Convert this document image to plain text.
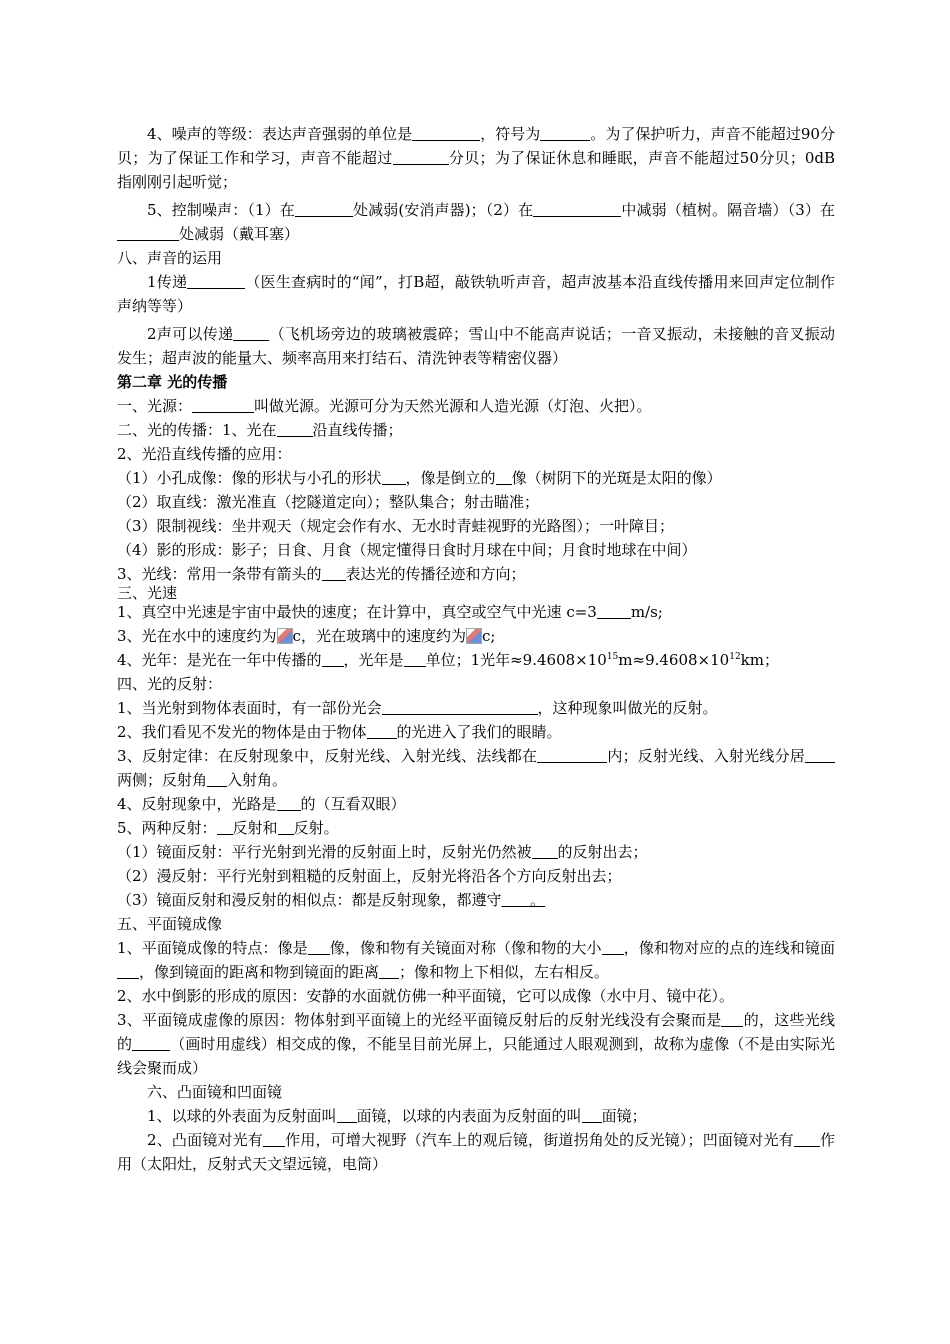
4、噪声的等级：表达声音强弱的单位是	，符号为	。为了保护听力，声音不能超过90分贝；为了保证工作和学习，声音不能超过	分贝；为了保证休息和睡眠，声音不能超过50分贝；0dB指刚刚引起听觉；

5、控制噪声：（1）在	处减弱(安消声器)；（2）在	中减弱（植树。隔音墙）（3）在处减弱（戴耳塞）

八、声音的运用

1传递	（医生查病时的“闻”，打B超，敲铁轨听声音，超声波基本沿直线传播用来回声定位制作声纳等等）

2声可以传递 （飞机场旁边的玻璃被震碎；雪山中不能高声说话；一音叉振动，未接触的音叉振动发生；超声波的能量大、频率高用来打结石、清洗钟表等精密仪器）

第二章 光的传播

一、光源：	叫做光源。光源可分为天然光源和人造光源（灯泡、火把）。

二、光的传播：1、光在 沿直线传播；

2、光沿直线传播的应用：

（1）小孔成像：像的形状与小孔的形状 ，像是倒立的 像（树阴下的光斑是太阳的像）

（2）取直线：激光准直（挖隧道定向）；整队集合；射击瞄准；

（3）限制视线：坐井观天（规定会作有水、无水时青蛙视野的光路图）；一叶障目；

（4）影的形成：影子；日食、月食（规定懂得日食时月球在中间；月食时地球在中间）

3、光线：常用一条带有箭头的 表达光的传播径迹和方向；

三、光速

1、真空中光速是宇宙中最快的速度；在计算中，真空或空气中光速 c=3 m/s;

3、光在水中的速度约为 c，光在玻璃中的速度约为 c;

4、光年：是光在一年中传播的 ，光年是 单位；1光年$\approx 9.4608\times 10^{15}m\approx 9.4608\times 10^{12}km$；

四、光的反射：

1、当光射到物体表面时，有一部份光会	，这种现象叫做光的反射。

2、我们看见不发光的物体是由于物体 的光进入了我们的眼睛。

3、反射定律：在反射现象中，反射光线、入射光线、法线都在	内；反射光线、入射光线分居两侧；反射角 入射角。

4、反射现象中，光路是 的（互看双眼）

5、两种反射： 反射和 反射。

（1）镜面反射：平行光射到光滑的反射面上时，反射光仍然被 的反射出去；

（2）漫反射：平行光射到粗糙的反射面上，反射光将沿各个方向反射出去；

（3）镜面反射和漫反射的相似点：都是反射现象，都遵守      。

五、平面镜成像

1、平面镜成像的特点：像是 像，像和物有关镜面对称（像和物的大小 ，像和物对应的点的连线和镜面，像到镜面的距离和物到镜面的距离 ；像和物上下相似，左右相反。

2、水中倒影的形成的原因：安静的水面就仿佛一种平面镜，它可以成像（水中月、镜中花）。

3、平面镜成虚像的原因：物体射到平面镜上的光经平面镜反射后的反射光线没有会聚而是 的，这些光线的	（画时用虚线）相交成的像，不能呈目前光屏上，只能通过人眼观测到，故称为虚像（不是由实际光线会聚而成）

六、凸面镜和凹面镜

1、以球的外表面为反射面叫 面镜，以球的内表面为反射面的叫 面镜；

2、凸面镜对光有 作用，可增大视野（汽车上的观后镜，街道拐角处的反光镜）；凹面镜对光有 作用（太阳灶，反射式天文望远镜，电筒）
